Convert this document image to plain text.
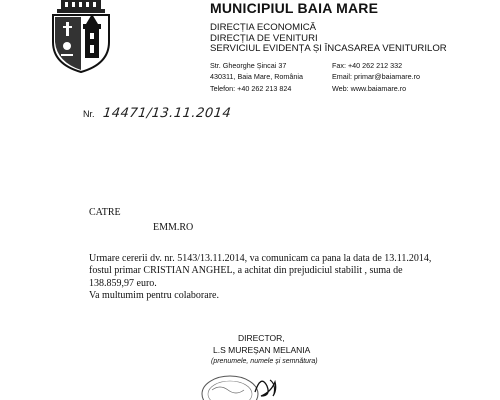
MUNICIPIUL BAIA MARE
DIRECȚIA ECONOMICĂ
DIRECȚIA DE VENITURI
SERVICIUL EVIDENȚA ȘI ÎNCASAREA VENITURILOR
Str. Gheorghe Șincai 37
430311, Baia Mare, România
Telefon: +40 262 213 824
Fax: +40 262 212 332
Email: primar@baiamare.ro
Web: www.baiamare.ro
Nr. 14471/13.11.2014
CATRE
EMM.RO
Urmare cererii dv. nr. 5143/13.11.2014, va comunicam ca pana la data de 13.11.2014,
fostul primar CRISTIAN ANGHEL, a achitat din prejudiciul stabilit , suma de
138.859,97 euro.
Va multumim pentru colaborare.
DIRECTOR,
L.S MUREȘAN MELANIA
(prenumele, numele și semnătura)
